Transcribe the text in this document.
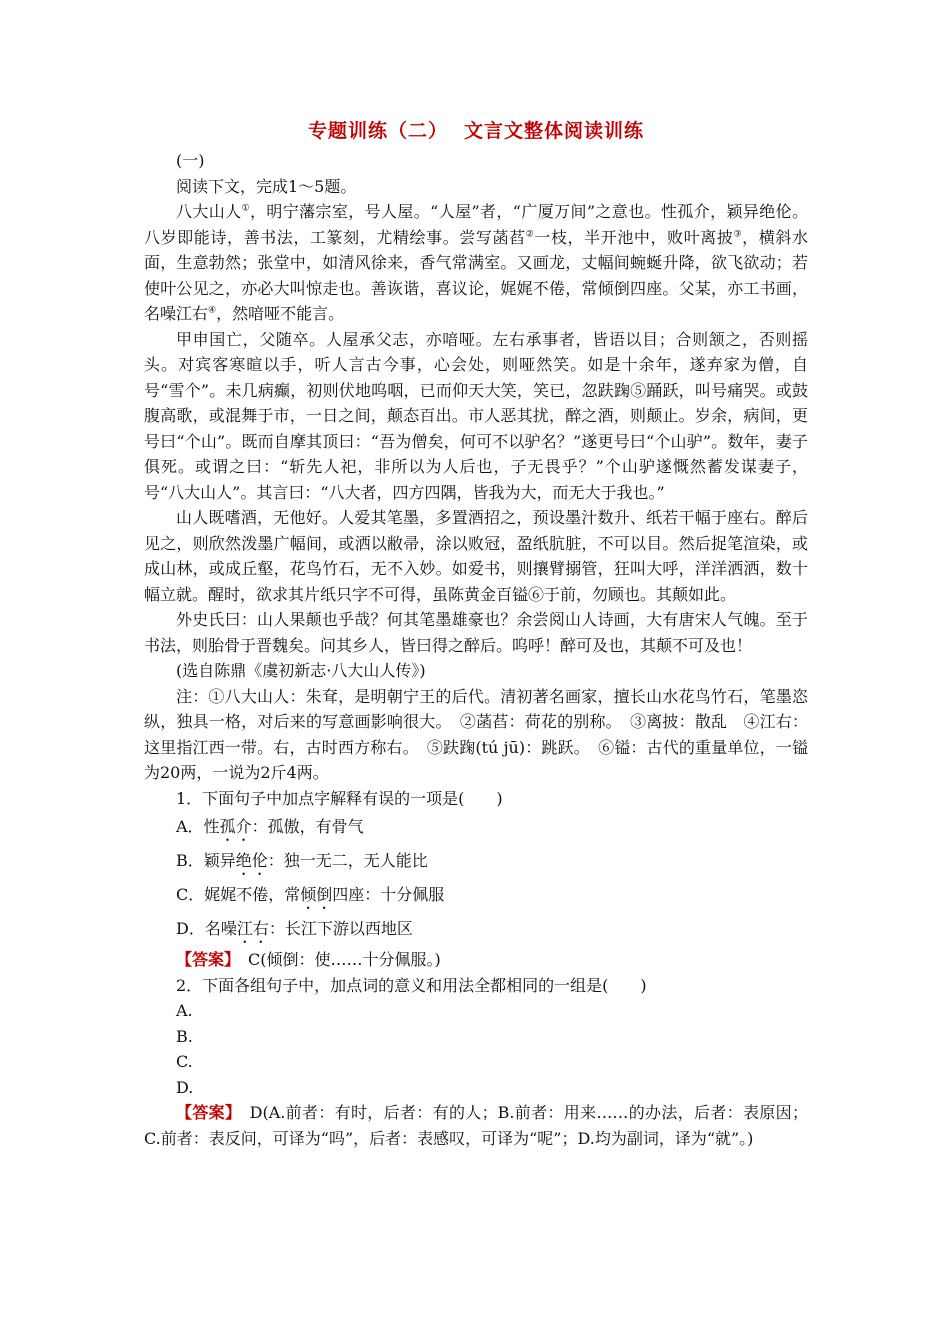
专题训练（二） 文言文整体阅读训练

(一)

阅读下文，完成1～5题。

八大山人①，明宁藩宗室，号人屋。“人屋”者，“广厦万间”之意也。性孤介，颖异绝伦。八岁即能诗，善书法，工篆刻，尤精绘事。尝写菡萏②一枝，半开池中，败叶离披③，横斜水面，生意勃然；张堂中，如清风徐来，香气常满室。又画龙，丈幅间蜿蜒升降，欲飞欲动；若使叶公见之，亦必大叫惊走也。善诙谐，喜议论，娓娓不倦，常倾倒四座。父某，亦工书画，名噪江右④，然喑哑不能言。

甲申国亡，父随卒。人屋承父志，亦喑哑。左右承事者，皆语以目；合则颔之，否则摇头。对宾客寒暄以手，听人言古今事，心会处，则哑然笑。如是十余年，遂弃家为僧，自号“雪个”。未几病癫，初则伏地呜咽，已而仰天大笑，笑已，忽趺踘⑤踊跃，叫号痛哭。或鼓腹高歌，或混舞于市，一日之间，颠态百出。市人恶其扰，醉之酒，则颠止。岁余，病间，更号曰“个山”。既而自摩其顶曰：“吾为僧矣，何可不以驴名？”遂更号曰“个山驴”。数年，妻子俱死。或谓之曰：“斩先人祀，非所以为人后也，子无畏乎？”个山驴遂慨然蓄发谋妻子，号“八大山人”。其言曰：“八大者，四方四隅，皆我为大，而无大于我也。”

山人既嗜酒，无他好。人爱其笔墨，多置酒招之，预设墨汁数升、纸若干幅于座右。醉后见之，则欣然泼墨广幅间，或洒以敝帚，涂以败冠，盈纸肮脏，不可以目。然后捉笔渲染，或成山林，或成丘壑，花鸟竹石，无不入妙。如爱书，则攘臂搦管，狂叫大呼，洋洋洒洒，数十幅立就。醒时，欲求其片纸只字不可得，虽陈黄金百镒⑥于前，勿顾也。其颠如此。

外史氏曰：山人果颠也乎哉？何其笔墨雄豪也？余尝阅山人诗画，大有唐宋人气魄。至于书法，则胎骨于晋魏矣。问其乡人，皆曰得之醉后。呜呼！醉可及也，其颠不可及也！

(选自陈鼎《虞初新志·八大山人传》)

注：①八大山人：朱耷，是明朝宁王的后代。清初著名画家，擅长山水花鸟竹石，笔墨恣纵，独具一格，对后来的写意画影响很大。　②菡萏：荷花的别称。　③离披：散乱　④江右：这里指江西一带。右，古时西方称右。　⑤趺踘(tú jū)：跳跃。　⑥镒：古代的重量单位，一镒为20两，一说为2斤4两。

1．下面句子中加点字解释有误的一项是(　　)

A．性孤介：孤傲，有骨气

B．颖异绝伦：独一无二，无人能比

C．娓娓不倦，常倾倒四座：十分佩服

D．名噪江右：长江下游以西地区

【答案】　C(倾倒：使……十分佩服。)

2．下面各组句子中，加点词的意义和用法全都相同的一组是(　　)

A.

B.

C.

D.

【答案】　D(A.前者：有时，后者：有的人；B.前者：用来……的办法，后者：表原因；C.前者：表反问，可译为“吗”，后者：表感叹，可译为“呢”；D.均为副词，译为“就”。)
